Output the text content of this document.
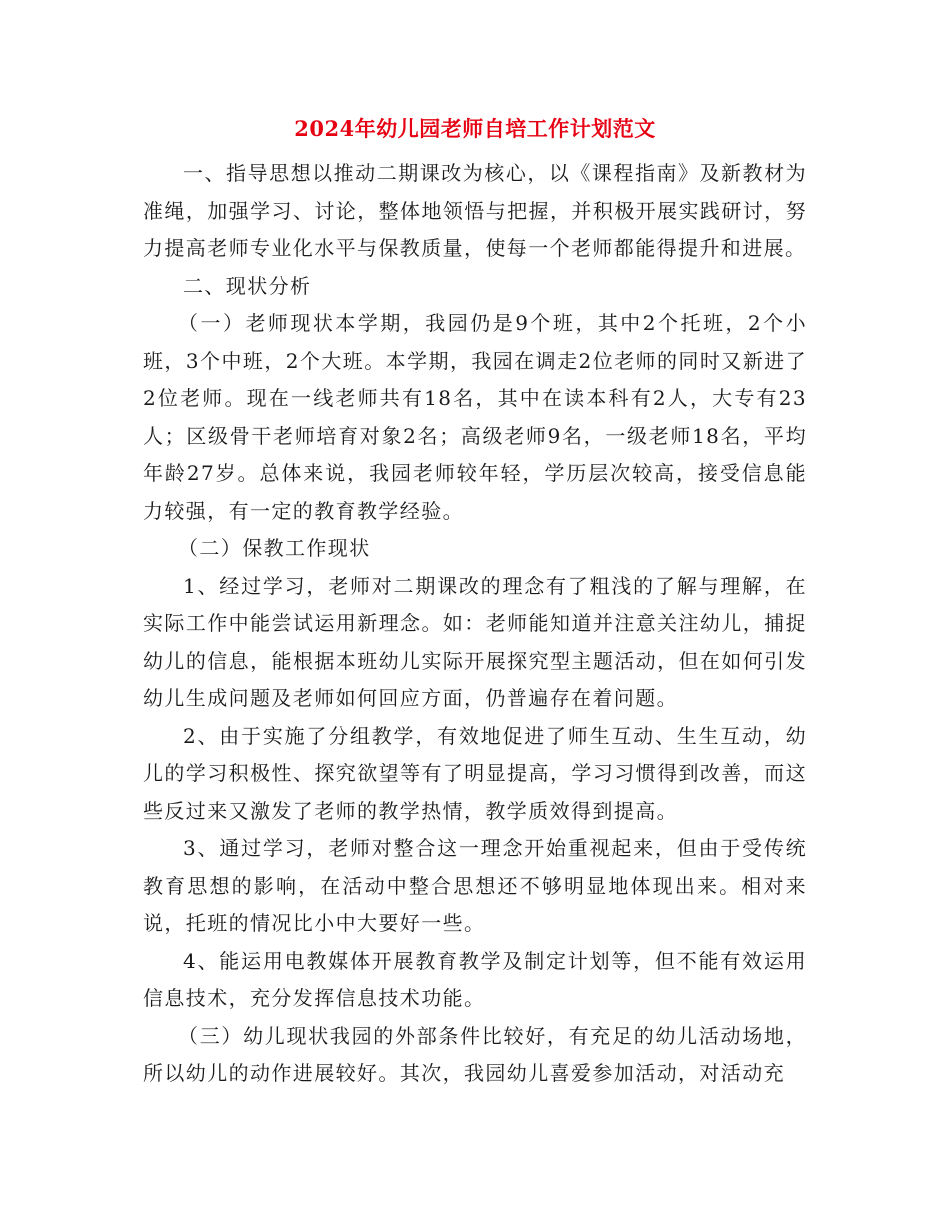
2024年幼儿园老师自培工作计划范文

一、指导思想以推动二期课改为核心，以《课程指南》及新教材为准绳，加强学习、讨论，整体地领悟与把握，并积极开展实践研讨，努力提高老师专业化水平与保教质量，使每一个老师都能得提升和进展。

二、现状分析

（一）老师现状本学期，我园仍是9个班，其中2个托班，2个小班，3个中班，2个大班。本学期，我园在调走2位老师的同时又新进了2位老师。现在一线老师共有18名，其中在读本科有2人，大专有23人；区级骨干老师培育对象2名；高级老师9名，一级老师18名，平均年龄27岁。总体来说，我园老师较年轻，学历层次较高，接受信息能力较强，有一定的教育教学经验。

（二）保教工作现状

1、经过学习，老师对二期课改的理念有了粗浅的了解与理解，在实际工作中能尝试运用新理念。如：老师能知道并注意关注幼儿，捕捉幼儿的信息，能根据本班幼儿实际开展探究型主题活动，但在如何引发幼儿生成问题及老师如何回应方面，仍普遍存在着问题。

2、由于实施了分组教学，有效地促进了师生互动、生生互动，幼儿的学习积极性、探究欲望等有了明显提高，学习习惯得到改善，而这些反过来又激发了老师的教学热情，教学质效得到提高。

3、通过学习，老师对整合这一理念开始重视起来，但由于受传统教育思想的影响，在活动中整合思想还不够明显地体现出来。相对来说，托班的情况比小中大要好一些。

4、能运用电教媒体开展教育教学及制定计划等，但不能有效运用信息技术，充分发挥信息技术功能。

（三）幼儿现状我园的外部条件比较好，有充足的幼儿活动场地，所以幼儿的动作进展较好。其次，我园幼儿喜爱参加活动，对活动充
